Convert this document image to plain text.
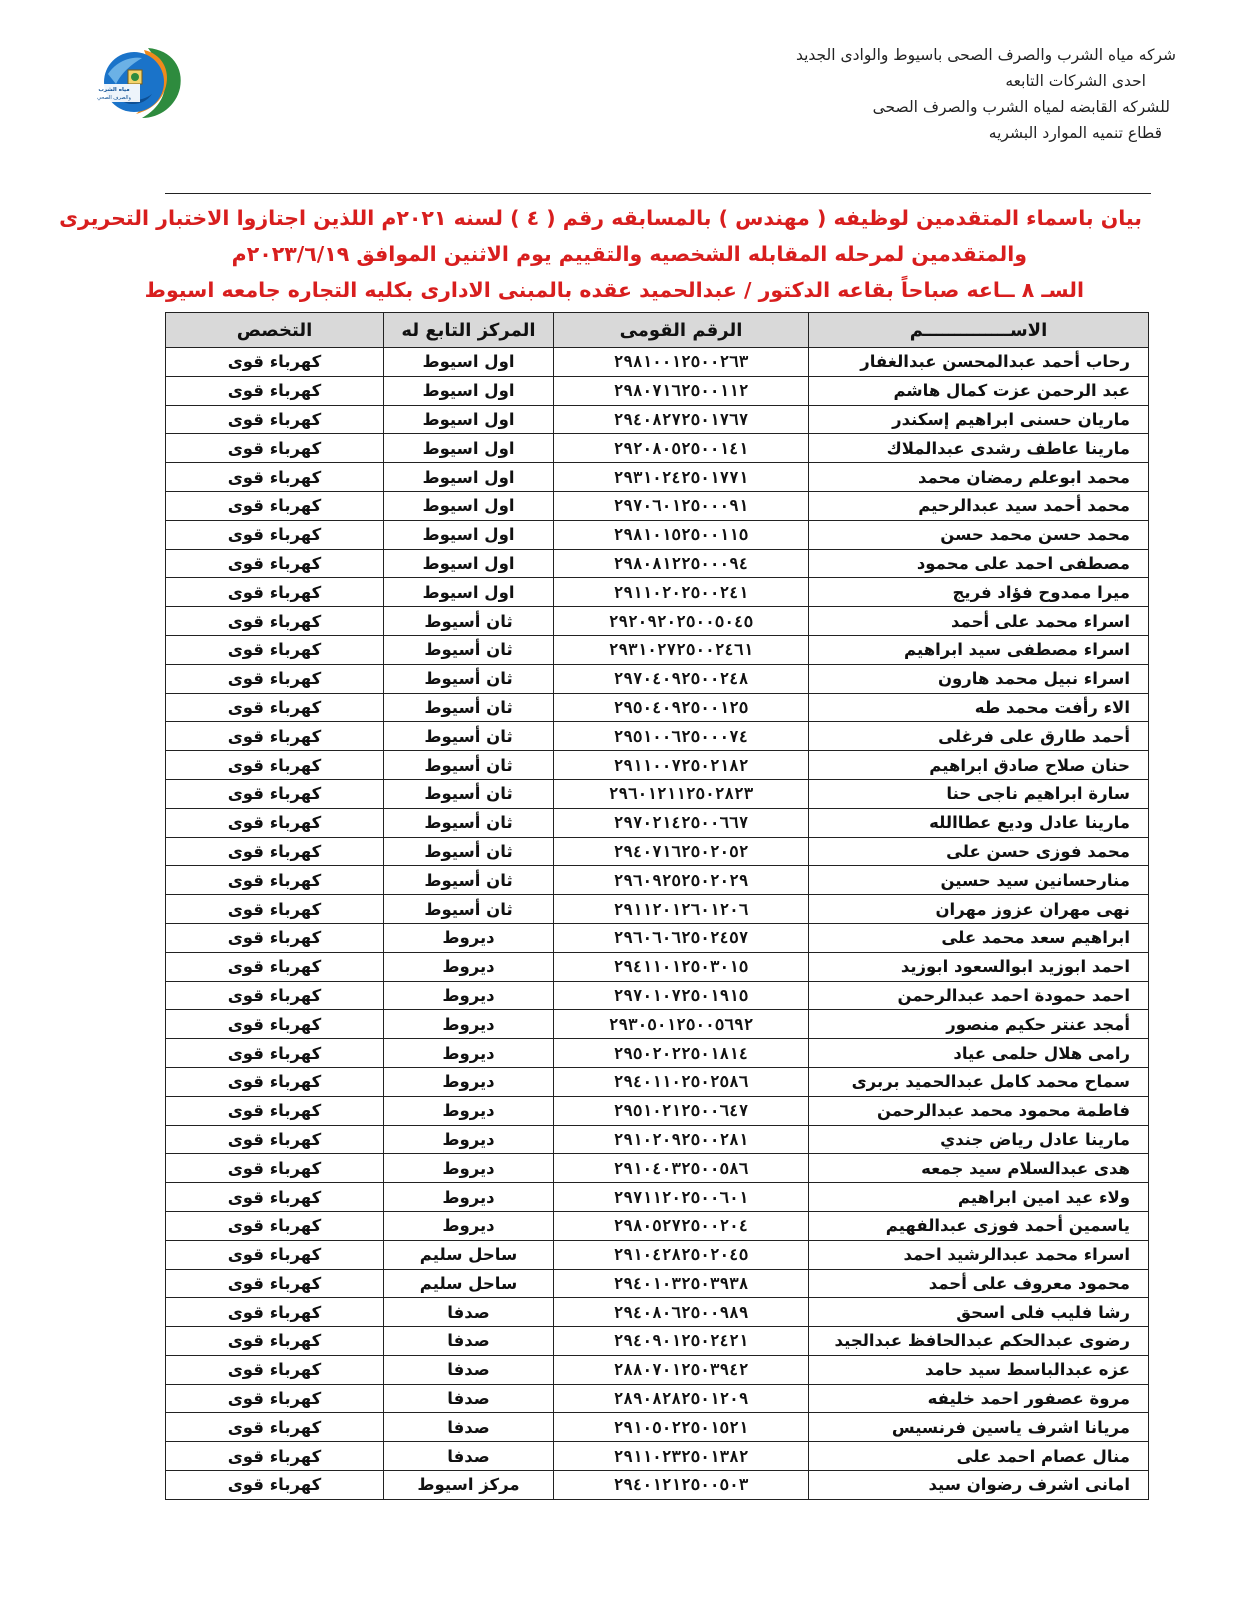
شركه مياه الشرب والصرف الصحى باسيوط والوادى الجديد
احدى الشركات التابعه
للشركه القابضه لمياه الشرب والصرف الصحى
قطاع تنميه الموارد البشريه
مياه الشرب
والصرف الصحي
بيان باسماء المتقدمين لوظيفه ( مهندس ) بالمسابقه رقم ( ٤ ) لسنه ٢٠٢١م اللذين اجتازوا الاختبار التحريرى
والمتقدمين لمرحله المقابله الشخصيه والتقييم يوم الاثنين الموافق ٢٠٢٣/٦/١٩م
السـ ٨ ــاعه صباحاً بقاعه الدكتور / عبدالحميد عقده بالمبنى الادارى بكليه التجاره جامعه اسيوط
الاســــــــــــــم	الرقم القومى	المركز التابع له	التخصص
رحاب أحمد عبدالمحسن عبدالغفار	٢٩٨١٠٠١٢٥٠٠٢٦٣	اول اسيوط	كهرباء قوى
عبد الرحمن عزت كمال هاشم	٢٩٨٠٧١٦٢٥٠٠١١٢	اول اسيوط	كهرباء قوى
ماريان حسنى ابراهيم إسكندر	٢٩٤٠٨٢٧٢٥٠١٧٦٧	اول اسيوط	كهرباء قوى
مارينا عاطف رشدى عبدالملاك	٢٩٢٠٨٠٥٢٥٠٠١٤١	اول اسيوط	كهرباء قوى
محمد ابوعلم رمضان محمد	٢٩٣١٠٢٤٢٥٠١٧٧١	اول اسيوط	كهرباء قوى
محمد أحمد سيد عبدالرحيم	٢٩٧٠٦٠١٢٥٠٠٠٩١	اول اسيوط	كهرباء قوى
محمد حسن محمد حسن	٢٩٨١٠١٥٢٥٠٠١١٥	اول اسيوط	كهرباء قوى
مصطفى احمد على محمود	٢٩٨٠٨١٢٢٥٠٠٠٩٤	اول اسيوط	كهرباء قوى
ميرا ممدوح فؤاد فريج	٢٩١١٠٢٠٢٥٠٠٢٤١	اول اسيوط	كهرباء قوى
اسراء محمد على أحمد	٢٩٢٠٩٢٠٢٥٠٠٥٠٤٥	ثان أسيوط	كهرباء قوى
اسراء مصطفى سيد ابراهيم	٢٩٣١٠٢٧٢٥٠٠٢٤٦١	ثان أسيوط	كهرباء قوى
اسراء نبيل محمد هارون	٢٩٧٠٤٠٩٢٥٠٠٢٤٨	ثان أسيوط	كهرباء قوى
الاء رأفت محمد طه	٢٩٥٠٤٠٩٢٥٠٠١٢٥	ثان أسيوط	كهرباء قوى
أحمد طارق على فرغلى	٢٩٥١٠٠٦٢٥٠٠٠٧٤	ثان أسيوط	كهرباء قوى
حنان صلاح صادق ابراهيم	٢٩١١٠٠٧٢٥٠٢١٨٢	ثان أسيوط	كهرباء قوى
سارة ابراهيم ناجى حنا	٢٩٦٠١٢١١٢٥٠٢٨٢٣	ثان أسيوط	كهرباء قوى
مارينا عادل وديع عطاالله	٢٩٧٠٢١٤٢٥٠٠٦٦٧	ثان أسيوط	كهرباء قوى
محمد فوزى حسن على	٢٩٤٠٧١٦٢٥٠٢٠٥٢	ثان أسيوط	كهرباء قوى
منارحسانين سيد حسين	٢٩٦٠٩٢٥٢٥٠٢٠٢٩	ثان أسيوط	كهرباء قوى
نهى مهران عزوز مهران	٢٩١١٢٠١٢٦٠١٢٠٦	ثان أسيوط	كهرباء قوى
ابراهيم سعد محمد على	٢٩٦٠٦٠٦٢٥٠٢٤٥٧	ديروط	كهرباء قوى
احمد ابوزيد ابوالسعود ابوزيد	٢٩٤١١٠١٢٥٠٣٠١٥	ديروط	كهرباء قوى
احمد حمودة احمد عبدالرحمن	٢٩٧٠١٠٧٢٥٠١٩١٥	ديروط	كهرباء قوى
أمجد عنتر حكيم منصور	٢٩٣٠٥٠١٢٥٠٠٥٦٩٢	ديروط	كهرباء قوى
رامى هلال حلمى عياد	٢٩٥٠٢٠٢٢٥٠١٨١٤	ديروط	كهرباء قوى
سماح محمد كامل عبدالحميد بربرى	٢٩٤٠١١٠٢٥٠٢٥٨٦	ديروط	كهرباء قوى
فاطمة محمود محمد عبدالرحمن	٢٩٥١٠٢١٢٥٠٠٦٤٧	ديروط	كهرباء قوى
مارينا عادل رياض جندي	٢٩١٠٢٠٩٢٥٠٠٢٨١	ديروط	كهرباء قوى
هدى عبدالسلام سيد جمعه	٢٩١٠٤٠٣٢٥٠٠٥٨٦	ديروط	كهرباء قوى
ولاء عيد امين ابراهيم	٢٩٧١١٢٠٢٥٠٠٦٠١	ديروط	كهرباء قوى
ياسمين أحمد فوزى عبدالفهيم	٢٩٨٠٥٢٧٢٥٠٠٢٠٤	ديروط	كهرباء قوى
اسراء محمد عبدالرشيد احمد	٢٩١٠٤٢٨٢٥٠٢٠٤٥	ساحل سليم	كهرباء قوى
محمود معروف على أحمد	٢٩٤٠١٠٣٢٥٠٣٩٣٨	ساحل سليم	كهرباء قوى
رشا فليب فلى اسحق	٢٩٤٠٨٠٦٢٥٠٠٩٨٩	صدفا	كهرباء قوى
رضوى عبدالحكم عبدالحافظ عبدالجيد	٢٩٤٠٩٠١٢٥٠٢٤٢١	صدفا	كهرباء قوى
عزه عبدالباسط سيد حامد	٢٨٨٠٧٠١٢٥٠٣٩٤٢	صدفا	كهرباء قوى
مروة عصفور احمد خليفه	٢٨٩٠٨٢٨٢٥٠١٢٠٩	صدفا	كهرباء قوى
مريانا اشرف ياسين فرنسيس	٢٩١٠٥٠٢٢٥٠١٥٢١	صدفا	كهرباء قوى
منال عصام احمد على	٢٩١١٠٢٣٢٥٠١٣٨٢	صدفا	كهرباء قوى
امانى اشرف رضوان سيد	٢٩٤٠١٢١٢٥٠٠٥٠٣	مركز اسيوط	كهرباء قوى
